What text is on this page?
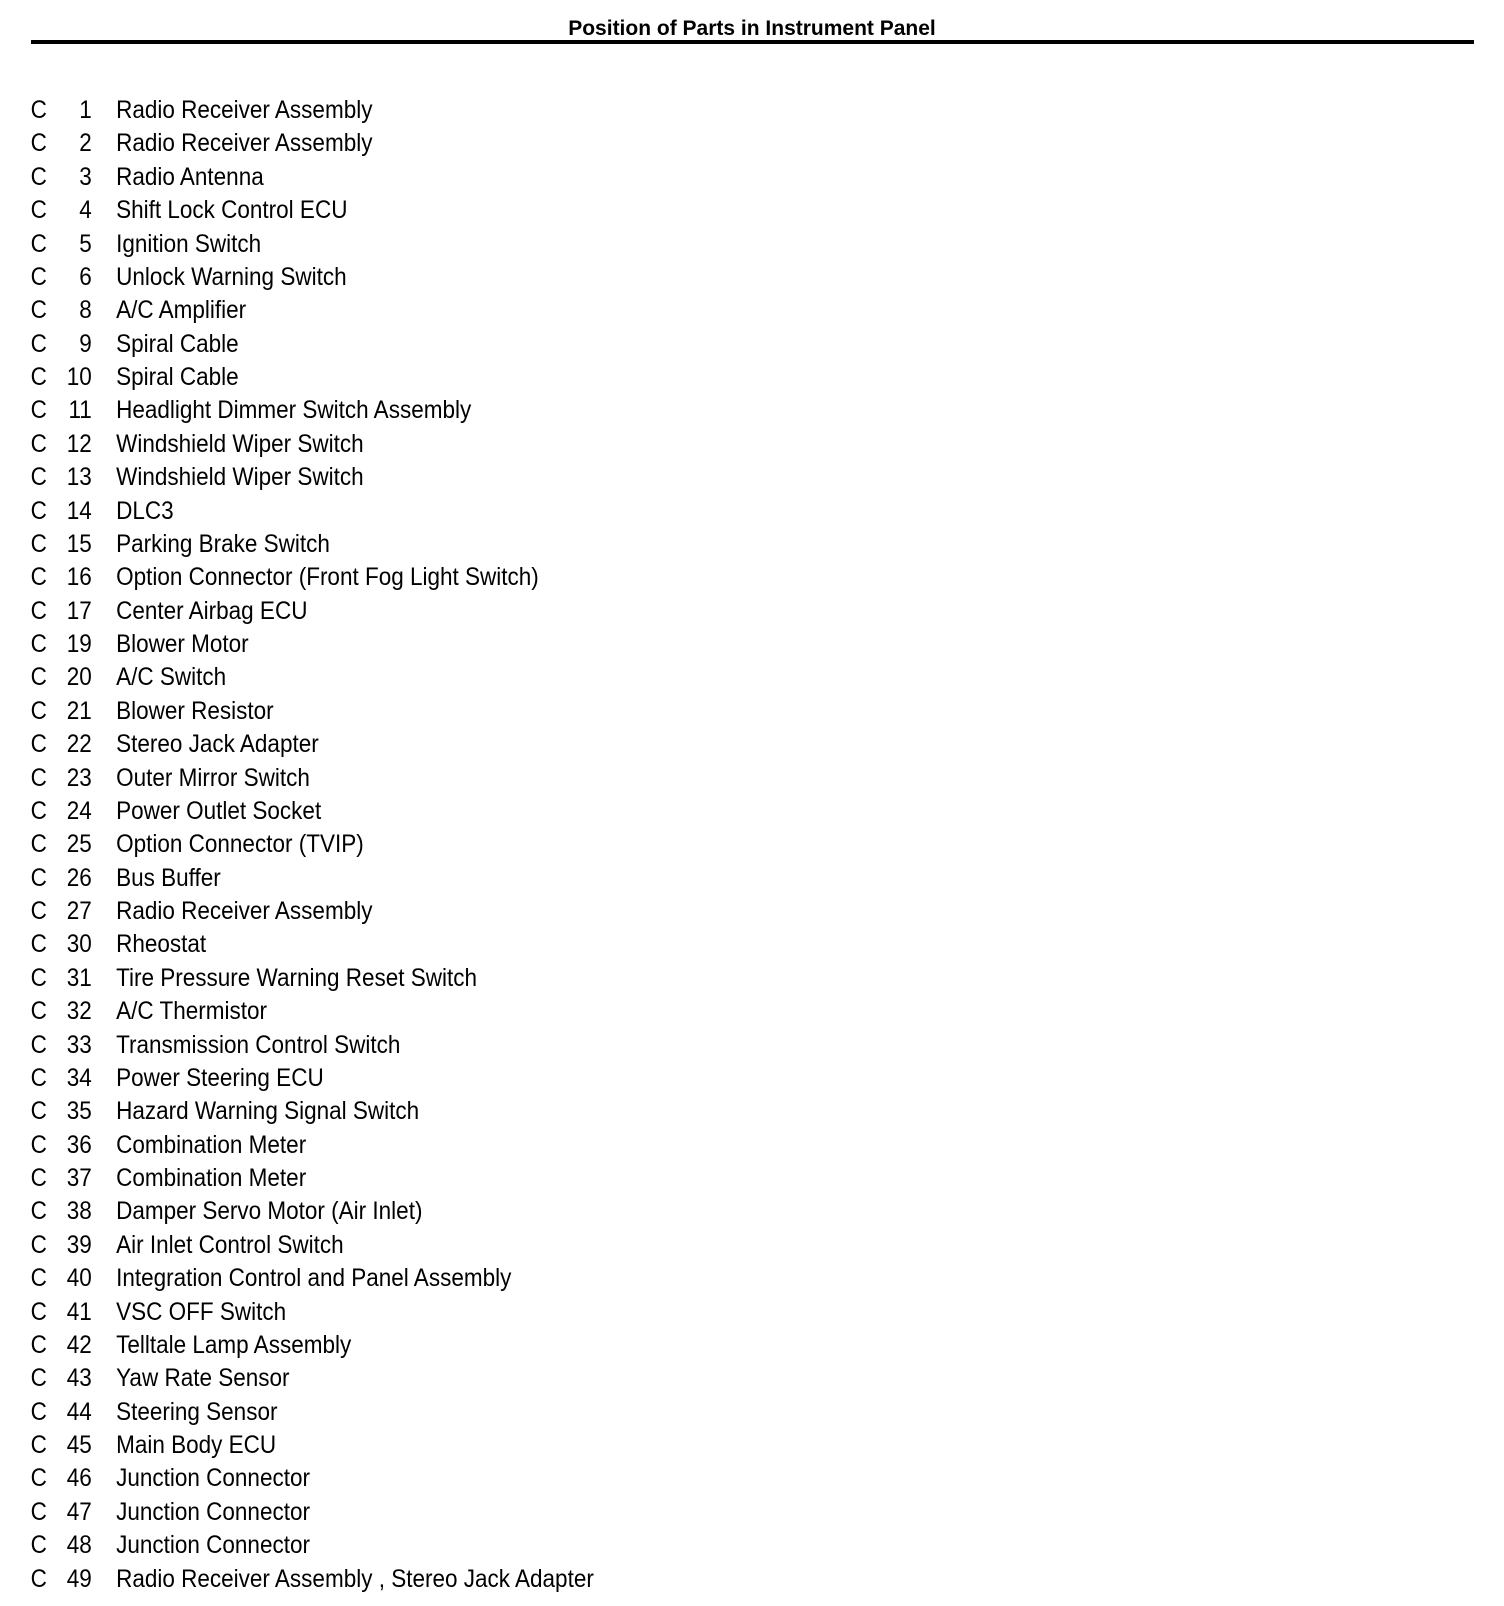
Position of Parts in Instrument Panel
C	1 Radio Receiver Assembly
C	2 Radio Receiver Assembly
C	3 Radio Antenna
C	4 Shift Lock Control ECU
C	5 Ignition Switch
C	6 Unlock Warning Switch
C	8 A/C Amplifier
C	9 Spiral Cable
C 10 Spiral Cable
C 11 Headlight Dimmer Switch Assembly
C 12 Windshield Wiper Switch
C 13 Windshield Wiper Switch
C 14 DLC3
C 15 Parking Brake Switch
C 16 Option Connector (Front Fog Light Switch)
C 17 Center Airbag ECU
C 19 Blower Motor
C 20 A/C Switch
C 21 Blower Resistor
C 22 Stereo Jack Adapter
C 23 Outer Mirror Switch
C 24 Power Outlet Socket
C 25 Option Connector (TVIP)
C 26 Bus Buffer
C 27 Radio Receiver Assembly
C 30 Rheostat
C 31 Tire Pressure Warning Reset Switch
C 32 A/C Thermistor
C 33 Transmission Control Switch
C 34 Power Steering ECU
C 35 Hazard Warning Signal Switch
C 36 Combination Meter
C 37 Combination Meter
C 38 Damper Servo Motor (Air Inlet)
C 39 Air Inlet Control Switch
C 40 Integration Control and Panel Assembly
C 41 VSC OFF Switch
C 42 Telltale Lamp Assembly
C 43 Yaw Rate Sensor
C 44 Steering Sensor
C 45 Main Body ECU
C 46 Junction Connector
C 47 Junction Connector
C 48 Junction Connector
C 49 Radio Receiver Assembly , Stereo Jack Adapter
